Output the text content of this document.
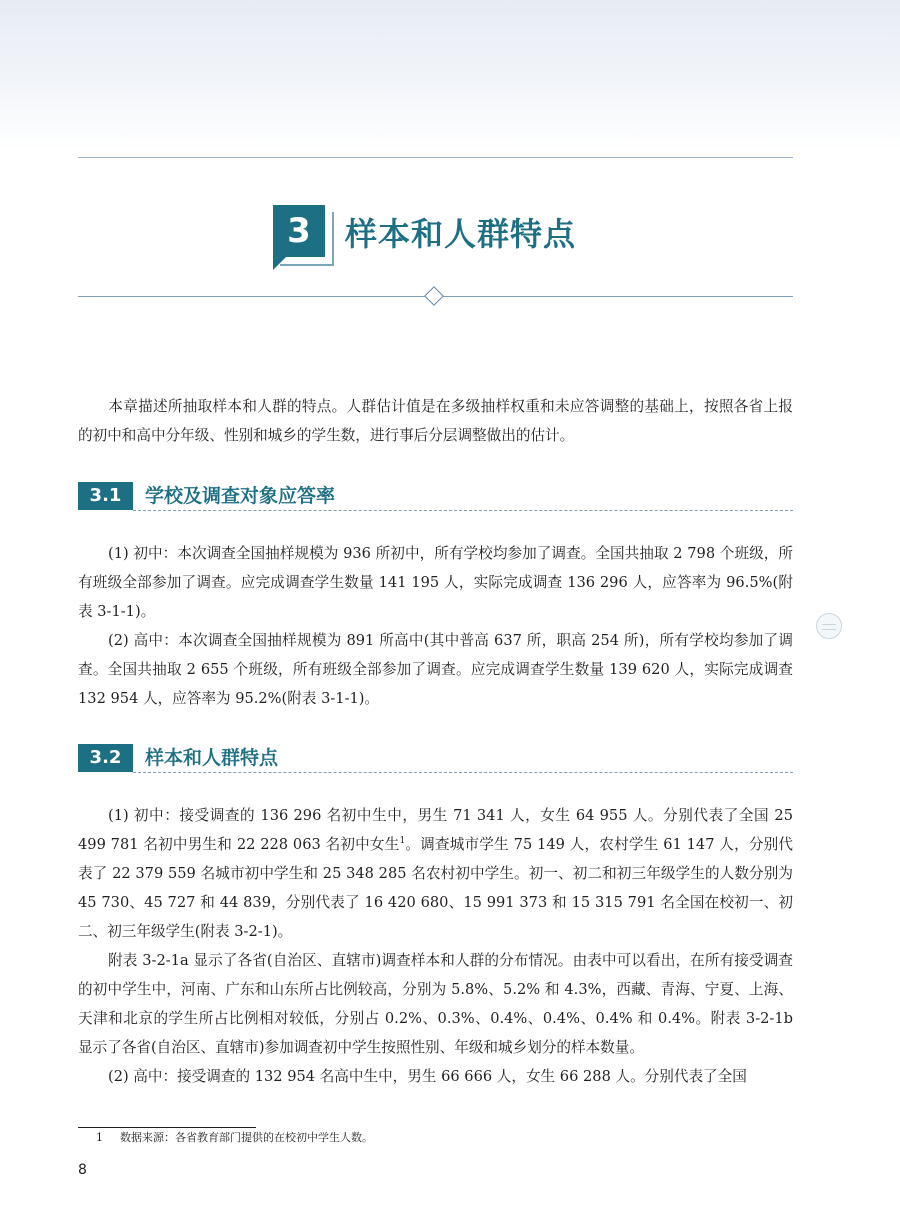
3	样本和人群特点

本章描述所抽取样本和人群的特点。人群估计值是在多级抽样权重和未应答调整的基础上，按照各省上报的初中和高中分年级、性别和城乡的学生数，进行事后分层调整做出的估计。

3.1	学校及调查对象应答率

(1) 初中：本次调查全国抽样规模为 936 所初中，所有学校均参加了调查。全国共抽取 2 798 个班级，所有班级全部参加了调查。应完成调查学生数量 141 195 人，实际完成调查 136 296 人，应答率为 96.5%(附表 3-1-1)。

(2) 高中：本次调查全国抽样规模为 891 所高中(其中普高 637 所，职高 254 所)，所有学校均参加了调查。全国共抽取 2 655 个班级，所有班级全部参加了调查。应完成调查学生数量 139 620 人，实际完成调查 132 954 人，应答率为 95.2%(附表 3-1-1)。

3.2	样本和人群特点

(1) 初中：接受调查的 136 296 名初中生中，男生 71 341 人，女生 64 955 人。分别代表了全国 25 499 781 名初中男生和 22 228 063 名初中女生$^1$。调查城市学生 75 149 人，农村学生 61 147 人，分别代表了 22 379 559 名城市初中学生和 25 348 285 名农村初中学生。初一、初二和初三年级学生的人数分别为 45 730、45 727 和 44 839，分别代表了 16 420 680、15 991 373 和 15 315 791 名全国在校初一、初二、初三年级学生(附表 3-2-1)。

附表 3-2-1a 显示了各省(自治区、直辖市)调查样本和人群的分布情况。由表中可以看出，在所有接受调查的初中学生中，河南、广东和山东所占比例较高，分别为 5.8%、5.2% 和 4.3%，西藏、青海、宁夏、上海、天津和北京的学生所占比例相对较低，分别占 0.2%、0.3%、0.4%、0.4%、0.4% 和 0.4%。附表 3-2-1b 显示了各省(自治区、直辖市)参加调查初中学生按照性别、年级和城乡划分的样本数量。

(2) 高中：接受调查的 132 954 名高中生中，男生 66 666 人，女生 66 288 人。分别代表了全国

1 数据来源：各省教育部门提供的在校初中学生人数。
8
